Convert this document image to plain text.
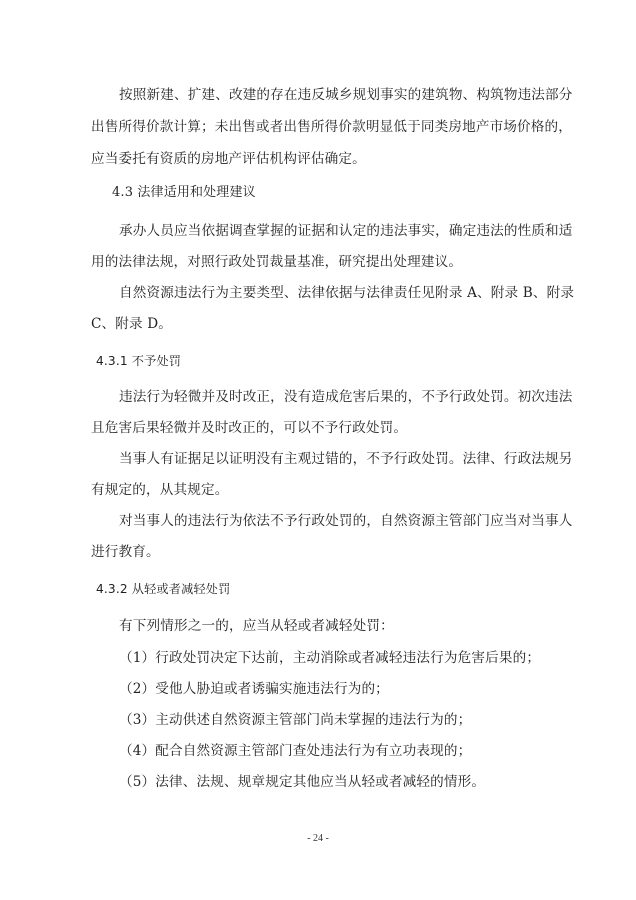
按照新建、扩建、改建的存在违反城乡规划事实的建筑物、构筑物违法部分
出售所得价款计算；未出售或者出售所得价款明显低于同类房地产市场价格的，
应当委托有资质的房地产评估机构评估确定。
4.3 法律适用和处理建议
承办人员应当依据调查掌握的证据和认定的违法事实，确定违法的性质和适
用的法律法规，对照行政处罚裁量基准，研究提出处理建议。
自然资源违法行为主要类型、法律依据与法律责任见附录 A、附录 B、附录
C、附录 D。
4.3.1 不予处罚
违法行为轻微并及时改正，没有造成危害后果的，不予行政处罚。初次违法
且危害后果轻微并及时改正的，可以不予行政处罚。
当事人有证据足以证明没有主观过错的，不予行政处罚。法律、行政法规另
有规定的，从其规定。
对当事人的违法行为依法不予行政处罚的，自然资源主管部门应当对当事人
进行教育。
4.3.2 从轻或者减轻处罚
有下列情形之一的，应当从轻或者减轻处罚：
（1）行政处罚决定下达前，主动消除或者减轻违法行为危害后果的；
（2）受他人胁迫或者诱骗实施违法行为的；
（3）主动供述自然资源主管部门尚未掌握的违法行为的；
（4）配合自然资源主管部门查处违法行为有立功表现的；
（5）法律、法规、规章规定其他应当从轻或者减轻的情形。
- 24 -
